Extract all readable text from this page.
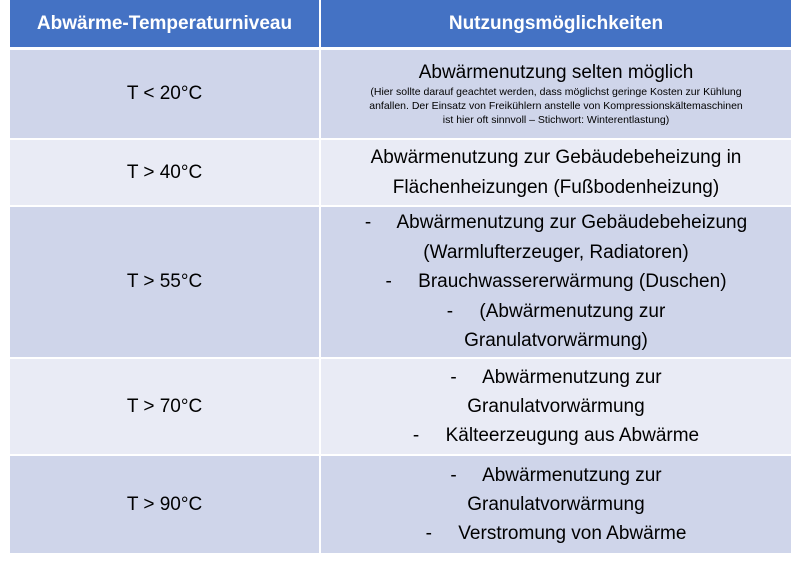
Abwärme-Temperaturniveau	Nutzungsmöglichkeiten
T < 20°C
Abwärmenutzung selten möglich
(Hier sollte darauf geachtet werden, dass möglichst geringe Kosten zur Kühlung
anfallen. Der Einsatz von Freikühlern anstelle von Kompressionskältemaschinen
ist hier oft sinnvoll – Stichwort: Winterentlastung)
T > 40°C
Abwärmenutzung zur Gebäudebeheizung in
Flächenheizungen (Fußbodenheizung)
T > 55°C
-     Abwärmenutzung zur Gebäudebeheizung
(Warmlufterzeuger, Radiatoren)
-     Brauchwassererwärmung (Duschen)
-     (Abwärmenutzung zur
Granulatvorwärmung)
T > 70°C
-     Abwärmenutzung zur
Granulatvorwärmung
-     Kälteerzeugung aus Abwärme
T > 90°C
-     Abwärmenutzung zur
Granulatvorwärmung
-     Verstromung von Abwärme
